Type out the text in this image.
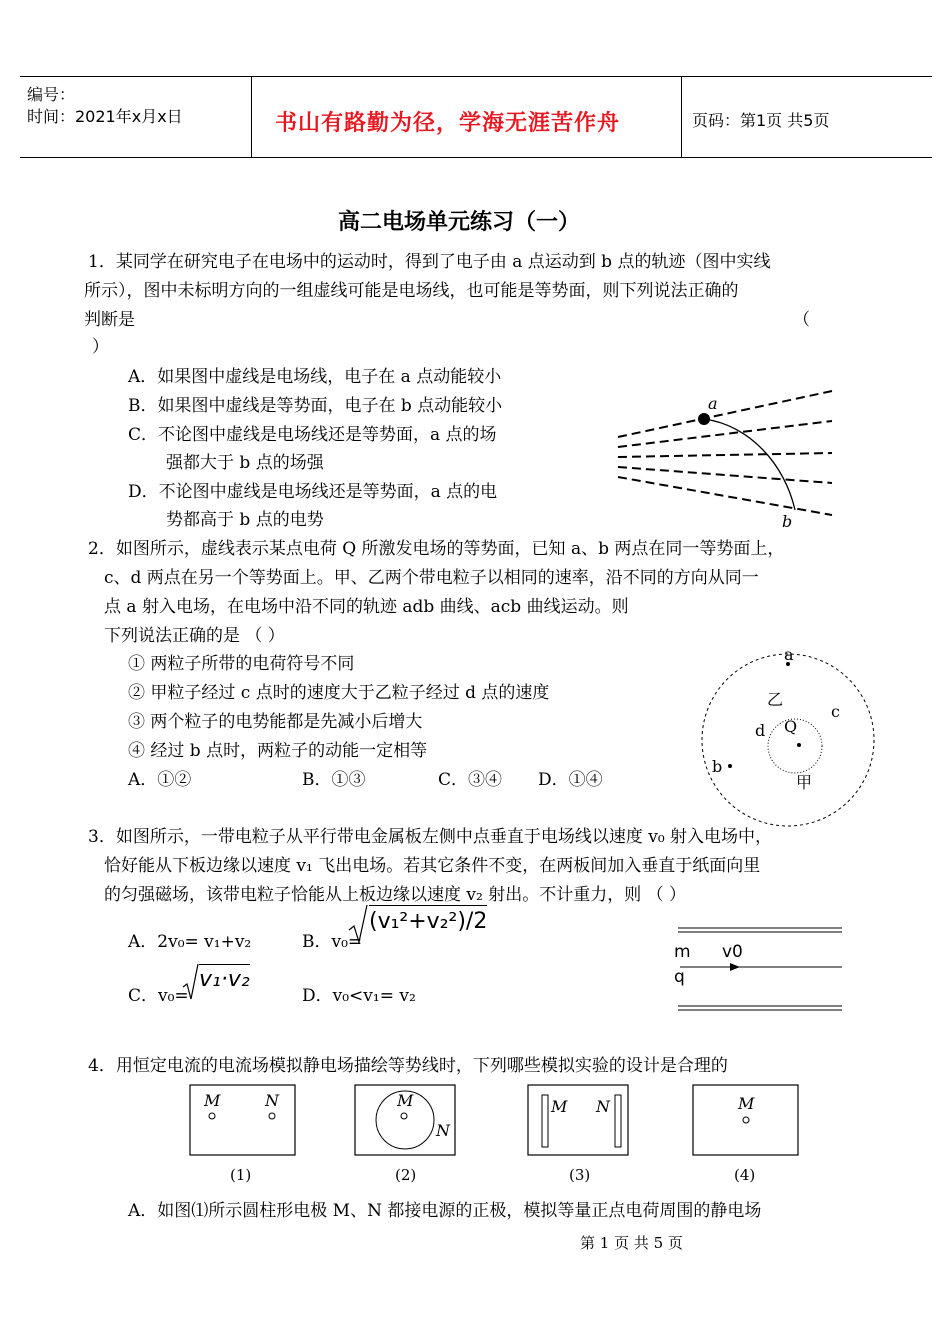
编号：
时间：2021年x月x日	书山有路勤为径，学海无涯苦作舟	页码：第1页 共5页
高二电场单元练习（一）
1．某同学在研究电子在电场中的运动时，得到了电子由 a 点运动到 b 点的轨迹（图中实线
所示），图中未标明方向的一组虚线可能是电场线，也可能是等势面，则下列说法正确的
判断是	（
）
A．如果图中虚线是电场线，电子在 a 点动能较小
B．如果图中虚线是等势面，电子在 b 点动能较小
C．不论图中虚线是电场线还是等势面，a 点的场
强都大于 b 点的场强
D．不论图中虚线是电场线还是等势面，a 点的电
势都高于 b 点的电势
a
b
2．如图所示，虚线表示某点电荷 Q 所激发电场的等势面，已知 a、b 两点在同一等势面上，
c、d 两点在另一个等势面上。甲、乙两个带电粒子以相同的速率，沿不同的方向从同一
点 a 射入电场，在电场中沿不同的轨迹 adb 曲线、acb 曲线运动。则
下列说法正确的是 （ ）
① 两粒子所带的电荷符号不同
② 甲粒子经过 c 点时的速度大于乙粒子经过 d 点的速度
③ 两个粒子的电势能都是先减小后增大
④ 经过 b 点时，两粒子的动能一定相等
A．①②	B．①③	C．③④ D．①④
a
b
c
d Q
乙
甲
3．如图所示，一带电粒子从平行带电金属板左侧中点垂直于电场线以速度 v₀ 射入电场中，
恰好能从下板边缘以速度 v₁ 飞出电场。若其它条件不变，在两板间加入垂直于纸面向里
的匀强磁场，该带电粒子恰能从上板边缘以速度 v₂ 射出。不计重力，则 （ ）
A．2v₀= v₁+v₂	B．v₀=
(v₁²+v₂²)/2
C．v₀=
v₁·v₂
D．v₀<v₁= v₂
m
q
v0
4．用恒定电流的电流场模拟静电场描绘等势线时，下列哪些模拟实验的设计是合理的
M	N
(1)
M
N
(2)
M N
(3)
M
(4)
A．如图⑴所示圆柱形电极 M、N 都接电源的正极，模拟等量正点电荷周围的静电场
第 1 页 共 5 页
